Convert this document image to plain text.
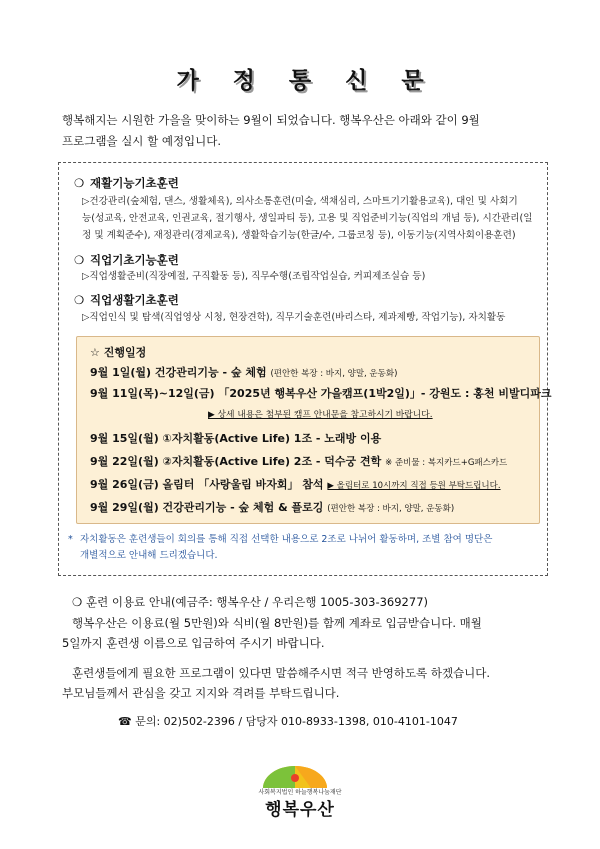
가 정 통 신 문

행복해지는 시원한 가을을 맞이하는 9월이 되었습니다. 행복우산은 아래와 같이 9월

프로그램을 실시 할 예정입니다.

❍ 재활기능기초훈련
▷건강관리(숲체험, 댄스, 생활체육), 의사소통훈련(미술, 색채심리, 스마트기기활용교육), 대인 및 사회기
능(성교육, 안전교육, 인권교육, 절기행사, 생일파티 등), 고용 및 직업준비기능(직업의 개념 등), 시간관리(일
정 및 계획준수), 재정관리(경제교육), 생활학습기능(한글/수, 그룹코칭 등), 이동기능(지역사회이용훈련)
❍ 직업기초기능훈련
▷직업생활준비(직장예절, 구직활동 등), 직무수행(조립작업실습, 커피제조실습 등)
❍ 직업생활기초훈련
▷직업인식 및 탐색(직업영상 시청, 현장견학), 직무기술훈련(바리스타, 제과제빵, 작업기능), 자치활동
☆ 진행일정
9월 1일(월) 건강관리기능 - 숲 체험 (편안한 복장 : 바지, 양말, 운동화)
9월 11일(목)~12일(금) 「2025년 행복우산 가을캠프(1박2일)」- 강원도 : 홍천 비발디파크
▶ 상세 내용은 첨부된 캠프 안내문을 참고하시기 바랍니다.
9월 15일(월) ①자치활동(Active Life) 1조 - 노래방 이용
9월 22일(월) ②자치활동(Active Life) 2조 - 덕수궁 견학 ※ 준비물 : 복지카드+G패스카드
9월 26일(금) 올림터 「사랑울림 바자회」 참석 ▶ 올림터로 10시까지 직접 등원 부탁드립니다.
9월 29일(월) 건강관리기능 - 숲 체험 & 플로깅 (편안한 복장 : 바지, 양말, 운동화)
* 자치활동은 훈련생들이 회의를 통해 직접 선택한 내용으로 2조로 나뉘어 활동하며, 조별 참여 명단은
개별적으로 안내해 드리겠습니다.
❍ 훈련 이용료 안내(예금주: 행복우산 / 우리은행 1005-303-369277)

행복우산은 이용료(월 5만원)와 식비(월 8만원)를 함께 계좌로 입금받습니다. 매월

5일까지 훈련생 이름으로 입금하여 주시기 바랍니다.

훈련생들에게 필요한 프로그램이 있다면 말씀해주시면 적극 반영하도록 하겠습니다.

부모님들께서 관심을 갖고 지지와 격려를 부탁드립니다.

☎ 문의: 02)502-2396 / 담당자 010-8933-1398, 010-4101-1047
사회복지법인 하늘행복나눔재단
행복우산
